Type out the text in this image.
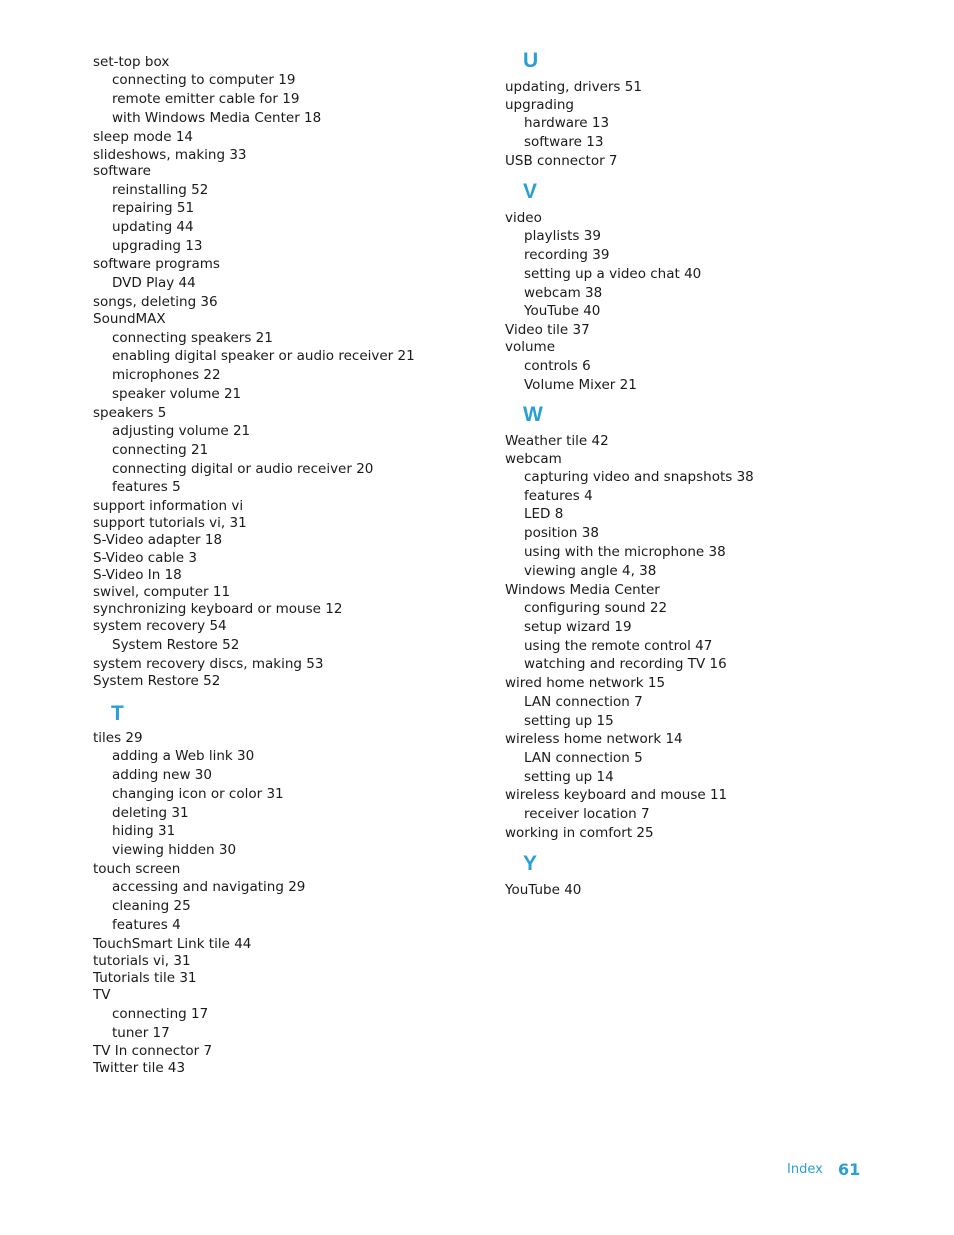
set-top box
connecting to computer 19
remote emitter cable for 19
with Windows Media Center 18
sleep mode 14
slideshows, making 33
software
reinstalling 52
repairing 51
updating 44
upgrading 13
software programs
DVD Play 44
songs, deleting 36
SoundMAX
connecting speakers 21
enabling digital speaker or audio receiver 21
microphones 22
speaker volume 21
speakers 5
adjusting volume 21
connecting 21
connecting digital or audio receiver 20
features 5
support information vi
support tutorials vi, 31
S-Video adapter 18
S-Video cable 3
S-Video In 18
swivel, computer 11
synchronizing keyboard or mouse 12
system recovery 54
System Restore 52
system recovery discs, making 53
System Restore 52
T
tiles 29
adding a Web link 30
adding new 30
changing icon or color 31
deleting 31
hiding 31
viewing hidden 30
touch screen
accessing and navigating 29
cleaning 25
features 4
TouchSmart Link tile 44
tutorials vi, 31
Tutorials tile 31
TV
connecting 17
tuner 17
TV In connector 7
Twitter tile 43
U
updating, drivers 51
upgrading
hardware 13
software 13
USB connector 7
V
video
playlists 39
recording 39
setting up a video chat 40
webcam 38
YouTube 40
Video tile 37
volume
controls 6
Volume Mixer 21
W
Weather tile 42
webcam
capturing video and snapshots 38
features 4
LED 8
position 38
using with the microphone 38
viewing angle 4, 38
Windows Media Center
configuring sound 22
setup wizard 19
using the remote control 47
watching and recording TV 16
wired home network 15
LAN connection 7
setting up 15
wireless home network 14
LAN connection 5
setting up 14
wireless keyboard and mouse 11
receiver location 7
working in comfort 25
Y
YouTube 40
Index 61
